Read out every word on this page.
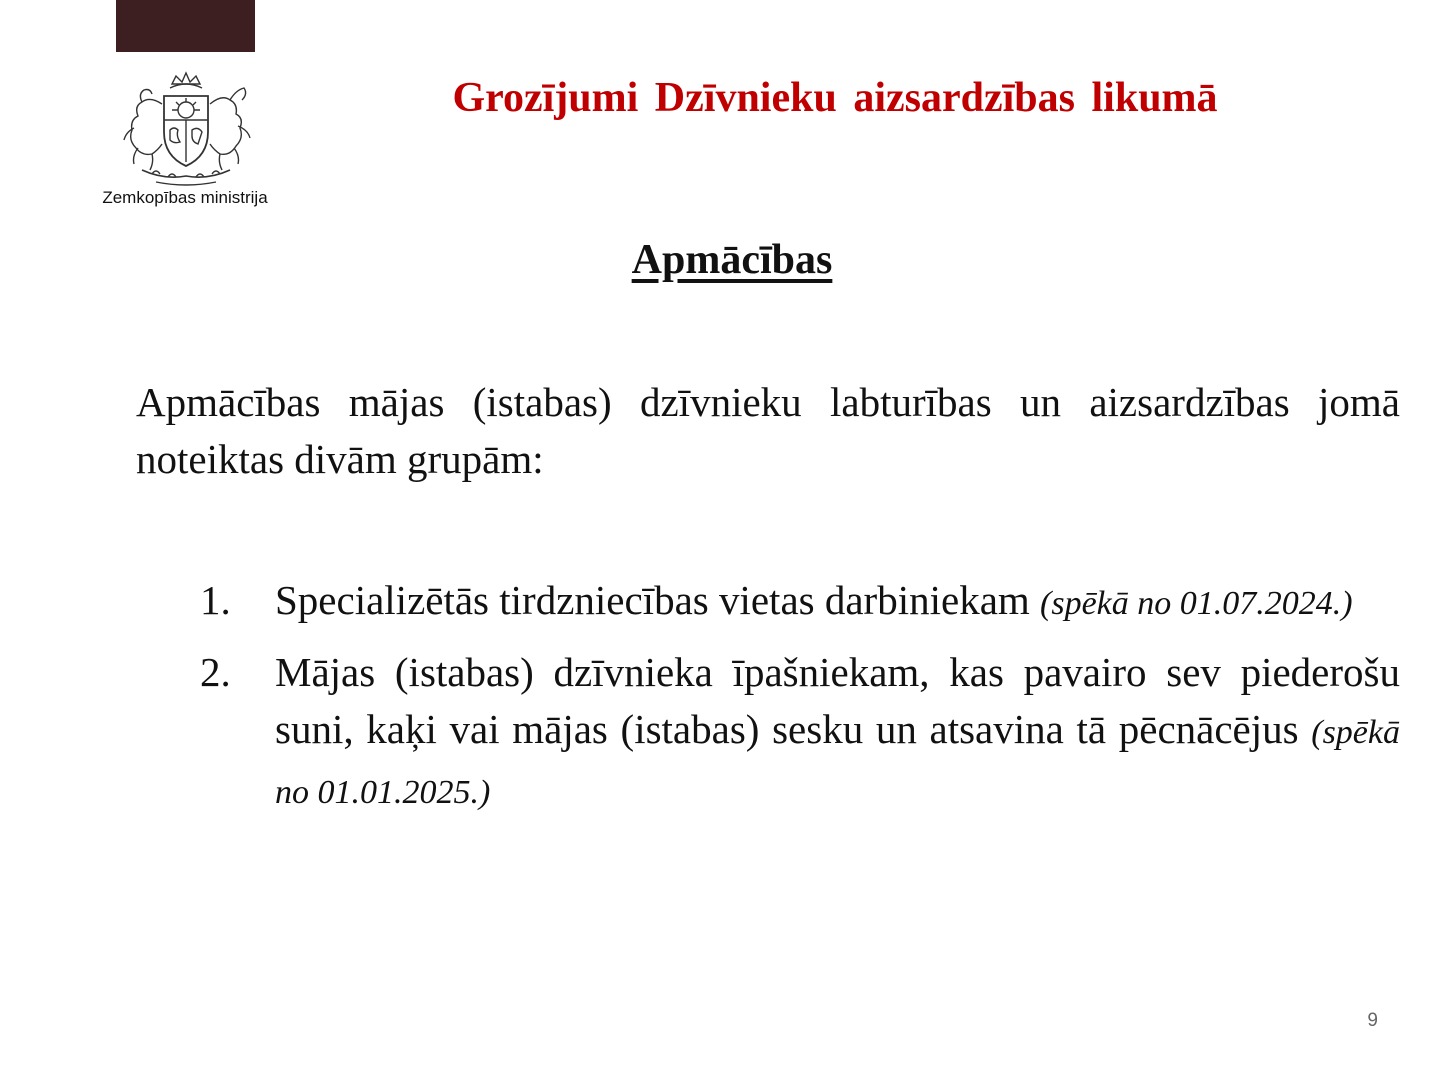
Zemkopības ministrija
Grozījumi Dzīvnieku aizsardzības likumā
Apmācības
Apmācības mājas (istabas) dzīvnieku labturības un aizsardzības jomā noteiktas divām grupām:
1.	Specializētās tirdzniecības vietas darbiniekam (spēkā no 01.07.2024.)
2.	Mājas (istabas) dzīvnieka īpašniekam, kas pavairo sev piederošu suni, kaķi vai mājas (istabas) sesku un atsavina tā pēcnācējus (spēkā no 01.01.2025.)
9
